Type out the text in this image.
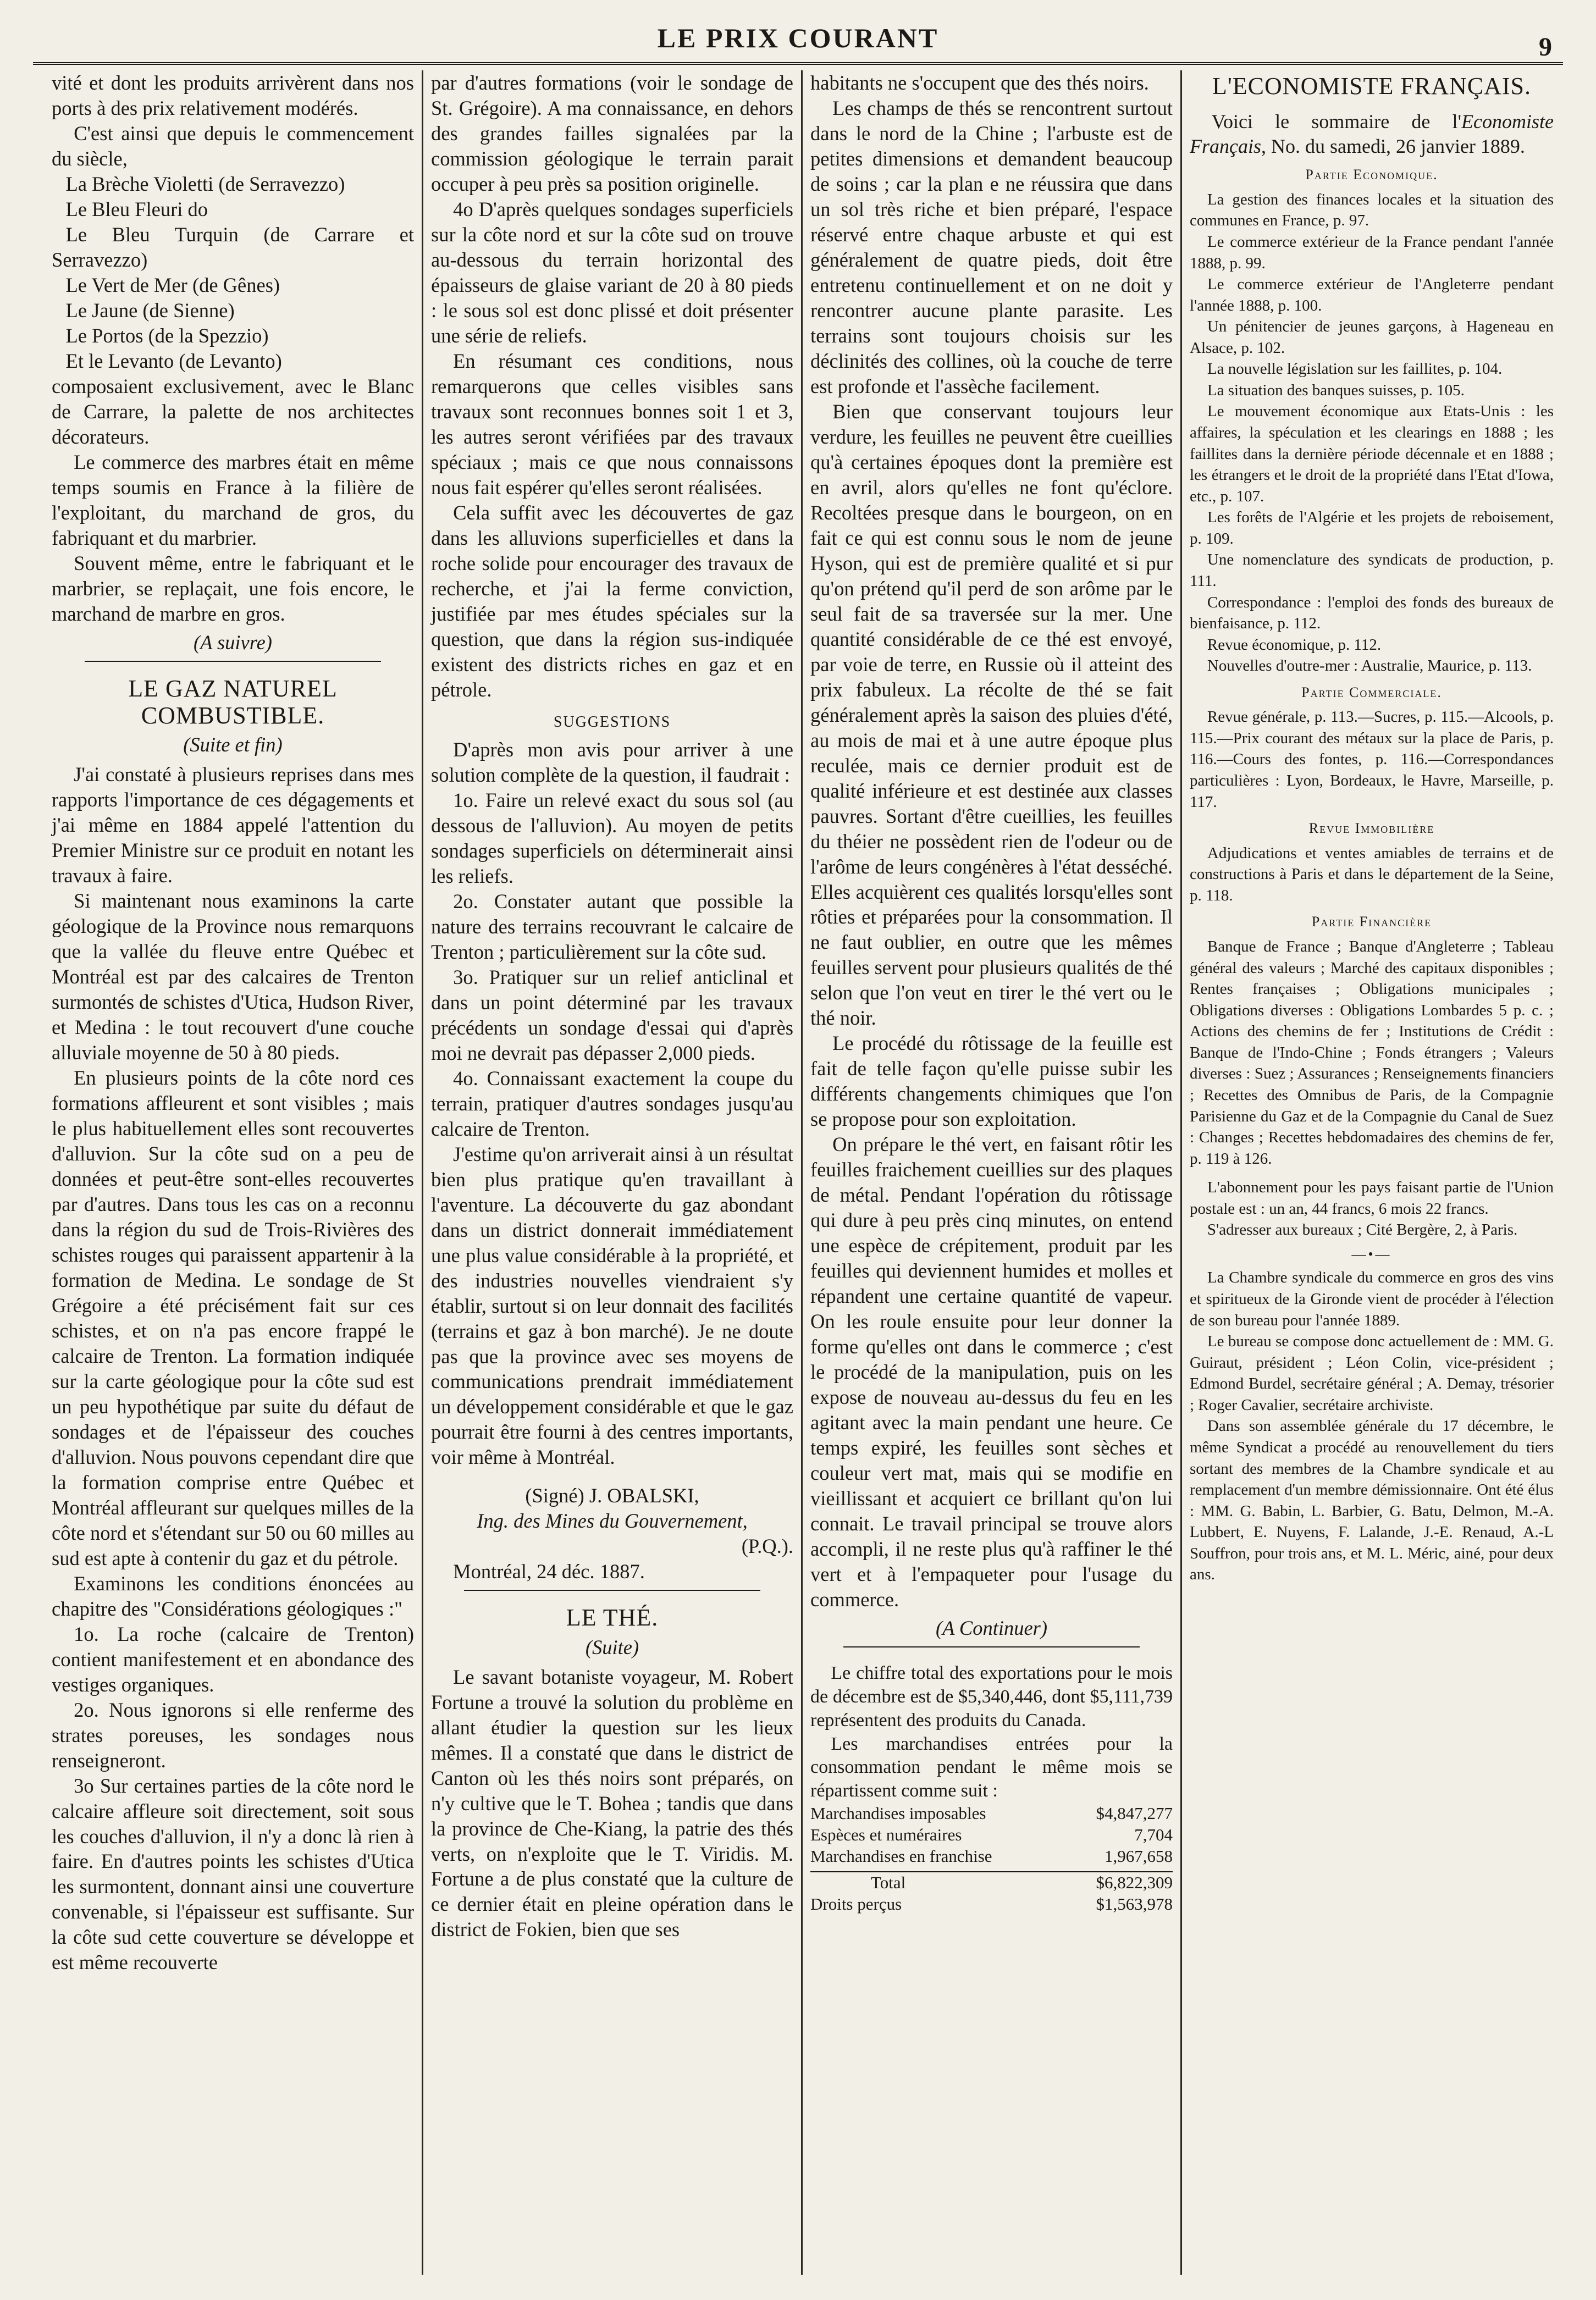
LE PRIX COURANT	9

vité et dont les produits arrivèrent dans nos ports à des prix relativement modérés.

C'est ainsi que depuis le commencement du siècle,

La Brèche Violetti (de Serravezzo)

Le Bleu Fleuri do

Le Bleu Turquin (de Carrare et Serravezzo)

Le Vert de Mer (de Gênes)

Le Jaune (de Sienne)

Le Portos (de la Spezzio)

Et le Levanto (de Levanto)

composaient exclusivement, avec le Blanc de Carrare, la palette de nos architectes décorateurs.

Le commerce des marbres était en même temps soumis en France à la filière de l'exploitant, du marchand de gros, du fabriquant et du marbrier.

Souvent même, entre le fabriquant et le marbrier, se replaçait, une fois encore, le marchand de marbre en gros.

(A suivre)
LE GAZ NATUREL COMBUSTIBLE.
(Suite et fin)

J'ai constaté à plusieurs reprises dans mes rapports l'importance de ces dégagements et j'ai même en 1884 appelé l'attention du Premier Ministre sur ce produit en notant les travaux à faire.

Si maintenant nous examinons la carte géologique de la Province nous remarquons que la vallée du fleuve entre Québec et Montréal est par des calcaires de Trenton surmontés de schistes d'Utica, Hudson River, et Medina : le tout recouvert d'une couche alluviale moyenne de 50 à 80 pieds.

En plusieurs points de la côte nord ces formations affleurent et sont visibles ; mais le plus habituellement elles sont recouvertes d'alluvion. Sur la côte sud on a peu de données et peut-être sont-elles recouvertes par d'autres. Dans tous les cas on a reconnu dans la région du sud de Trois-Rivières des schistes rouges qui paraissent appartenir à la formation de Medina. Le sondage de St Grégoire a été précisément fait sur ces schistes, et on n'a pas encore frappé le calcaire de Trenton. La formation indiquée sur la carte géologique pour la côte sud est un peu hypothétique par suite du défaut de sondages et de l'épaisseur des couches d'alluvion. Nous pouvons cependant dire que la formation comprise entre Québec et Montréal affleurant sur quelques milles de la côte nord et s'étendant sur 50 ou 60 milles au sud est apte à contenir du gaz et du pétrole.

Examinons les conditions énoncées au chapitre des "Considérations géologiques :"

1o. La roche (calcaire de Trenton) contient manifestement et en abondance des vestiges organiques.

2o. Nous ignorons si elle renferme des strates poreuses, les sondages nous renseigneront.

3o Sur certaines parties de la côte nord le calcaire affleure soit directement, soit sous les couches d'alluvion, il n'y a donc là rien à faire. En d'autres points les schistes d'Utica les surmontent, donnant ainsi une couverture convenable, si l'épaisseur est suffisante. Sur la côte sud cette couverture se développe et est même recouverte

par d'autres formations (voir le sondage de St. Grégoire). A ma connaissance, en dehors des grandes failles signalées par la commission géologique le terrain parait occuper à peu près sa position originelle.

4o D'après quelques sondages superficiels sur la côte nord et sur la côte sud on trouve au-dessous du terrain horizontal des épaisseurs de glaise variant de 20 à 80 pieds : le sous sol est donc plissé et doit présenter une série de reliefs.

En résumant ces conditions, nous remarquerons que celles visibles sans travaux sont reconnues bonnes soit 1 et 3, les autres seront vérifiées par des travaux spéciaux ; mais ce que nous connaissons nous fait espérer qu'elles seront réalisées.

Cela suffit avec les découvertes de gaz dans les alluvions superficielles et dans la roche solide pour encourager des travaux de recherche, et j'ai la ferme conviction, justifiée par mes études spéciales sur la question, que dans la région sus-indiquée existent des districts riches en gaz et en pétrole.

SUGGESTIONS

D'après mon avis pour arriver à une solution complète de la question, il faudrait :

1o. Faire un relevé exact du sous sol (au dessous de l'alluvion). Au moyen de petits sondages superficiels on déterminerait ainsi les reliefs.

2o. Constater autant que possible la nature des terrains recouvrant le calcaire de Trenton ; particulièrement sur la côte sud.

3o. Pratiquer sur un relief anticlinal et dans un point déterminé par les travaux précédents un sondage d'essai qui d'après moi ne devrait pas dépasser 2,000 pieds.

4o. Connaissant exactement la coupe du terrain, pratiquer d'autres sondages jusqu'au calcaire de Trenton.

J'estime qu'on arriverait ainsi à un résultat bien plus pratique qu'en travaillant à l'aventure. La découverte du gaz abondant dans un district donnerait immédiatement une plus value considérable à la propriété, et des industries nouvelles viendraient s'y établir, surtout si on leur donnait des facilités (terrains et gaz à bon marché). Je ne doute pas que la province avec ses moyens de communications prendrait immédiatement un développement considérable et que le gaz pourrait être fourni à des centres importants, voir même à Montréal.

(Signé) J. OBALSKI,
Ing. des Mines du Gouvernement,
(P.Q.).

Montréal, 24 déc. 1887.

LE THÉ.
(Suite)

Le savant botaniste voyageur, M. Robert Fortune a trouvé la solution du problème en allant étudier la question sur les lieux mêmes. Il a constaté que dans le district de Canton où les thés noirs sont préparés, on n'y cultive que le T. Bohea ; tandis que dans la province de Che-Kiang, la patrie des thés verts, on n'exploite que le T. Viridis. M. Fortune a de plus constaté que la culture de ce dernier était en pleine opération dans le district de Fokien, bien que ses

habitants ne s'occupent que des thés noirs.

Les champs de thés se rencontrent surtout dans le nord de la Chine ; l'arbuste est de petites dimensions et demandent beaucoup de soins ; car la plan e ne réussira que dans un sol très riche et bien préparé, l'espace réservé entre chaque arbuste et qui est généralement de quatre pieds, doit être entretenu continuellement et on ne doit y rencontrer aucune plante parasite. Les terrains sont toujours choisis sur les déclinités des collines, où la couche de terre est profonde et l'assèche facilement.

Bien que conservant toujours leur verdure, les feuilles ne peuvent être cueillies qu'à certaines époques dont la première est en avril, alors qu'elles ne font qu'éclore. Recoltées presque dans le bourgeon, on en fait ce qui est connu sous le nom de jeune Hyson, qui est de première qualité et si pur qu'on prétend qu'il perd de son arôme par le seul fait de sa traversée sur la mer. Une quantité considérable de ce thé est envoyé, par voie de terre, en Russie où il atteint des prix fabuleux. La récolte de thé se fait généralement après la saison des pluies d'été, au mois de mai et à une autre époque plus reculée, mais ce dernier produit est de qualité inférieure et est destinée aux classes pauvres. Sortant d'être cueillies, les feuilles du théier ne possèdent rien de l'odeur ou de l'arôme de leurs congénères à l'état desséché. Elles acquièrent ces qualités lorsqu'elles sont rôties et préparées pour la consommation. Il ne faut oublier, en outre que les mêmes feuilles servent pour plusieurs qualités de thé selon que l'on veut en tirer le thé vert ou le thé noir.

Le procédé du rôtissage de la feuille est fait de telle façon qu'elle puisse subir les différents changements chimiques que l'on se propose pour son exploitation.

On prépare le thé vert, en faisant rôtir les feuilles fraichement cueillies sur des plaques de métal. Pendant l'opération du rôtissage qui dure à peu près cinq minutes, on entend une espèce de crépitement, produit par les feuilles qui deviennent humides et molles et répandent une certaine quantité de vapeur. On les roule ensuite pour leur donner la forme qu'elles ont dans le commerce ; c'est le procédé de la manipulation, puis on les expose de nouveau au-dessus du feu en les agitant avec la main pendant une heure. Ce temps expiré, les feuilles sont sèches et couleur vert mat, mais qui se modifie en vieillissant et acquiert ce brillant qu'on lui connait. Le travail principal se trouve alors accompli, il ne reste plus qu'à raffiner le thé vert et à l'empaqueter pour l'usage du commerce.

(A Continuer)

Le chiffre total des exportations pour le mois de décembre est de $5,340,446, dont $5,111,739 représentent des produits du Canada.

Les marchandises entrées pour la consommation pendant le même mois se répartissent comme suit :

Marchandises imposables	$4,847,277
Espèces et numéraires	7,704
Marchandises en franchise	1,967,658
Total	$6,822,309
Droits perçus	$1,563,978
L'ECONOMISTE FRANÇAIS.

Voici le sommaire de l'Economiste Français, No. du samedi, 26 janvier 1889.

Partie Economique.

La gestion des finances locales et la situation des communes en France, p. 97.

Le commerce extérieur de la France pendant l'année 1888, p. 99.

Le commerce extérieur de l'Angleterre pendant l'année 1888, p. 100.

Un pénitencier de jeunes garçons, à Hageneau en Alsace, p. 102.

La nouvelle législation sur les faillites, p. 104.

La situation des banques suisses, p. 105.

Le mouvement économique aux Etats-Unis : les affaires, la spéculation et les clearings en 1888 ; les faillites dans la dernière période décennale et en 1888 ; les étrangers et le droit de la propriété dans l'Etat d'Iowa, etc., p. 107.

Les forêts de l'Algérie et les projets de reboisement, p. 109.

Une nomenclature des syndicats de production, p. 111.

Correspondance : l'emploi des fonds des bureaux de bienfaisance, p. 112.

Revue économique, p. 112.

Nouvelles d'outre-mer : Australie, Maurice, p. 113.

Partie Commerciale.

Revue générale, p. 113.—Sucres, p. 115.—Alcools, p. 115.—Prix courant des métaux sur la place de Paris, p. 116.—Cours des fontes, p. 116.—Correspondances particulières : Lyon, Bordeaux, le Havre, Marseille, p. 117.

Revue Immobilière

Adjudications et ventes amiables de terrains et de constructions à Paris et dans le département de la Seine, p. 118.

Partie Financière

Banque de France ; Banque d'Angleterre ; Tableau général des valeurs ; Marché des capitaux disponibles ; Rentes françaises ; Obligations municipales ; Obligations diverses : Obligations Lombardes 5 p. c. ; Actions des chemins de fer ; Institutions de Crédit : Banque de l'Indo-Chine ; Fonds étrangers ; Valeurs diverses : Suez ; Assurances ; Renseignements financiers ; Recettes des Omnibus de Paris, de la Compagnie Parisienne du Gaz et de la Compagnie du Canal de Suez : Changes ; Recettes hebdomadaires des chemins de fer, p. 119 à 126.

L'abonnement pour les pays faisant partie de l'Union postale est : un an, 44 francs, 6 mois 22 francs.

S'adresser aux bureaux ; Cité Bergère, 2, à Paris.

—•—

La Chambre syndicale du commerce en gros des vins et spiritueux de la Gironde vient de procéder à l'élection de son bureau pour l'année 1889.

Le bureau se compose donc actuellement de : MM. G. Guiraut, président ; Léon Colin, vice-président ; Edmond Burdel, secrétaire général ; A. Demay, trésorier ; Roger Cavalier, secrétaire archiviste.

Dans son assemblée générale du 17 décembre, le même Syndicat a procédé au renouvellement du tiers sortant des membres de la Chambre syndicale et au remplacement d'un membre démissionnaire. Ont été élus : MM. G. Babin, L. Barbier, G. Batu, Delmon, M.-A. Lubbert, E. Nuyens, F. Lalande, J.-E. Renaud, A.-L Souffron, pour trois ans, et M. L. Méric, ainé, pour deux ans.
